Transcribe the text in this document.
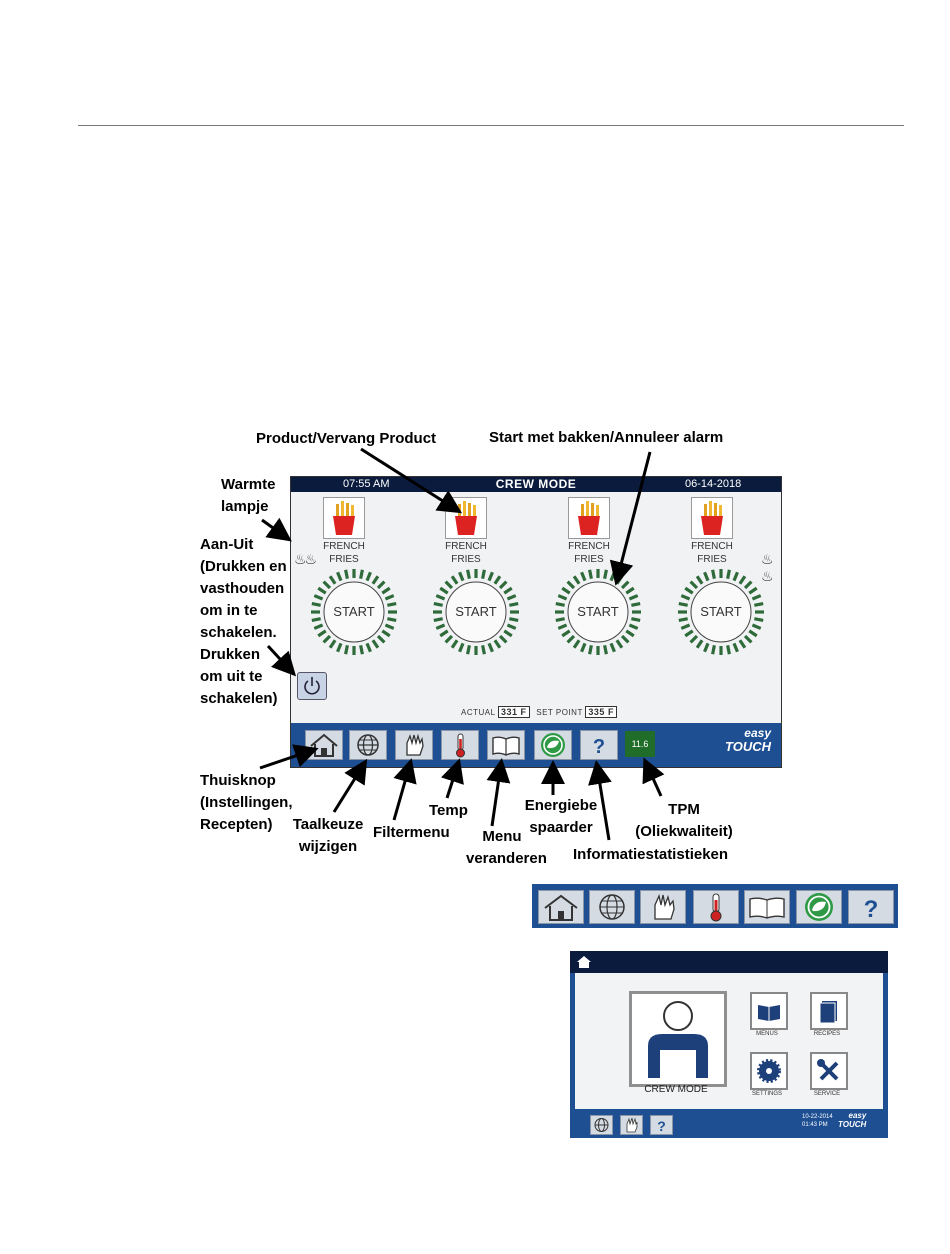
Product/Vervang Product	Start met bakken/Annuleer alarm
Warmte
lampje
Aan-Uit
(Drukken en
vasthouden
om in te
schakelen.
Drukken
om uit te
schakelen)
Thuisknop
(Instellingen,
Recepten)	Taalkeuze
wijzigen
Filtermenu
Temp
Menu
veranderen
Energiebe
spaarder
Informatiestatistieken
TPM
(Oliekwaliteit)
CREW MODE
07:55 AM	06-14-2018
♨♨	♨♨
FRENCH
FRIES
FRENCH
FRIES
FRENCH
FRIES
FRENCH
FRIES
START	START	START	START
ACTUAL 331 F SET POINT 335 F
?	11.6
easy
TOUCH
?
CREW MODE
MENUS	RECIPES
SETTINGS	SERVICE
?
10-22-2014
01:43 PM
easy
TOUCH
